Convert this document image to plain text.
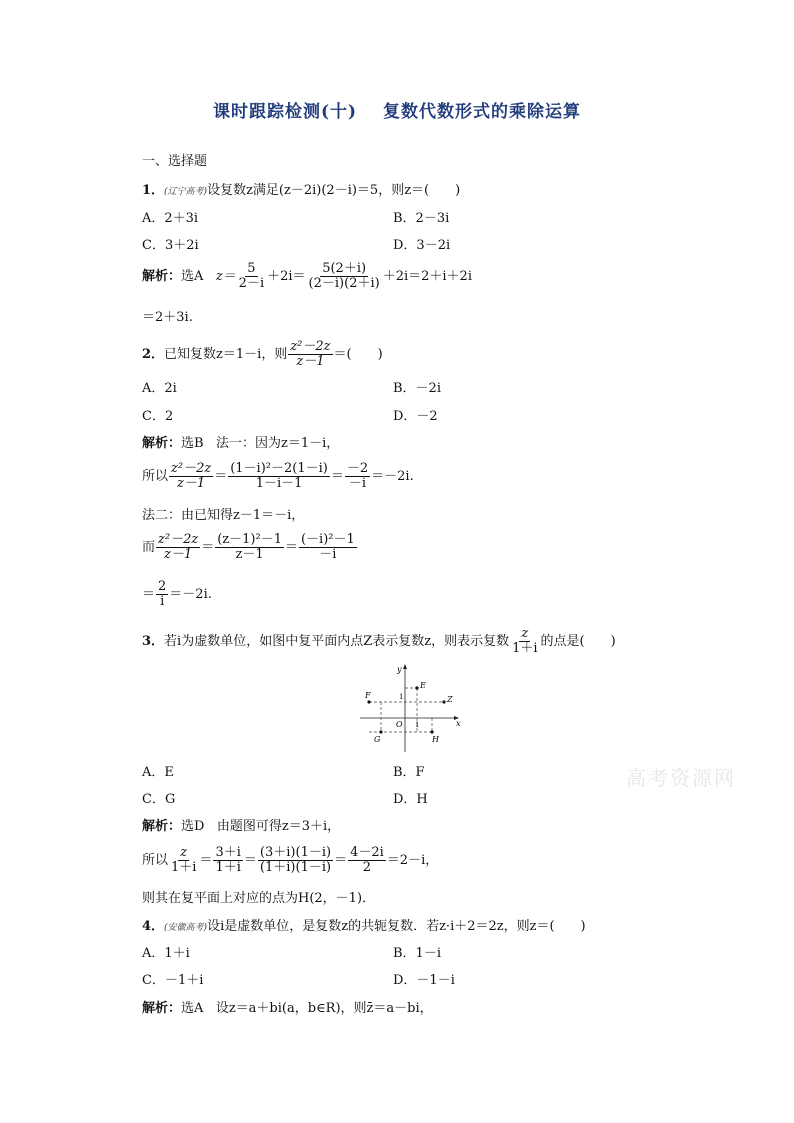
课时跟踪检测(十) 复数代数形式的乘除运算
一、选择题
1．(辽宁高考)设复数z满足(z－2i)(2－i)＝5，则z＝(　　)
A．2＋3i	B．2－3i
C．3＋2i	D．3－2i
解析：选A $z= \frac{5}{2-i} +2i= \frac{5(2+i)}{(2-i)(2+i)} +2i=2+i+2i$
＝2＋3i.
2．已知复数z＝1－i，则 $\frac{\text{z²－2z}}{z-1}$ ＝(　　)
A．2i	B．－2i
C．2	D．－2
解析：选B 法一：因为z＝1－i，
所以 $\frac{\text{z²－2z}}{z-1} = \frac{\text{(1－i)²－2(1－i)}}{1-i-1} = \frac{-2}{-i} =-2i$.
法二：由已知得z－1＝－i，
而 $\frac{\text{z²－2z}}{z-1} = \frac{\text{(z－1)²－1}}{z-1} = \frac{\text{(－i)²－1}}{-i}$
＝ $\frac{2}{i} =-2i$.
3．若i为虚数单位，如图中复平面内点Z表示复数z，则表示复数 $\frac{z}{1+i}$ 的点是(　　)
y
x
O
1
1
E
F	Z
G	H
A．E	B．F
C．G	D．H
高考资源网
解析：选D 由题图可得z＝3＋i，
所以 $\frac{z}{1+i} = \frac{3+i}{1+i} = \frac{(3+i)(1-i)}{(1+i)(1-i)} = \frac{4-2i}{2} =2-i$，
则其在复平面上对应的点为H(2，－1)．
4．(安徽高考)设i是虚数单位，是复数z的共轭复数．若z·i＋2＝2z，则z＝(　　)
A．1＋i	B．1－i
C．－1＋i	D．－1－i
解析：选A 设z＝a＋bi(a，b∈R)，则z̄＝a－bi，
